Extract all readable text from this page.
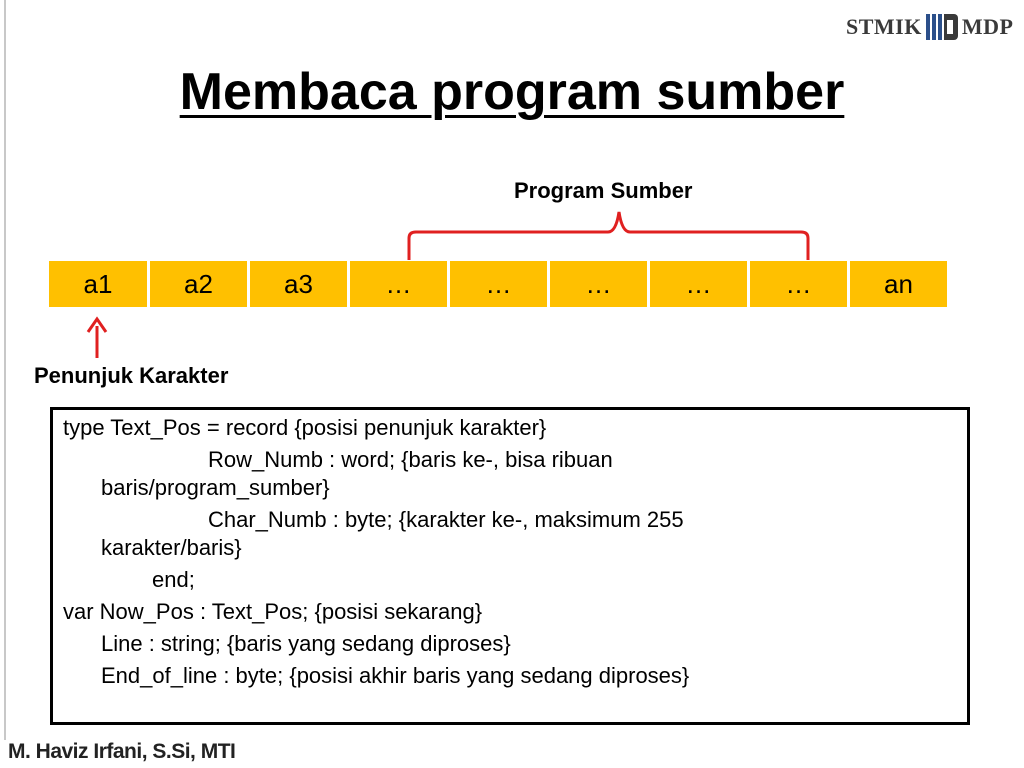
STMIK MDP
Membaca program sumber
Program Sumber
a1	a2	a3	…	…	…	…	…	an
Penunjuk Karakter
type Text_Pos = record {posisi penunjuk karakter}
Row_Numb : word; {baris ke-, bisa ribuan
baris/program_sumber}
Char_Numb : byte; {karakter ke-, maksimum 255
karakter/baris}
end;
var Now_Pos : Text_Pos; {posisi sekarang}
Line : string; {baris yang sedang diproses}
End_of_line : byte; {posisi akhir baris yang sedang diproses}
M. Haviz Irfani, S.Si, MTI
